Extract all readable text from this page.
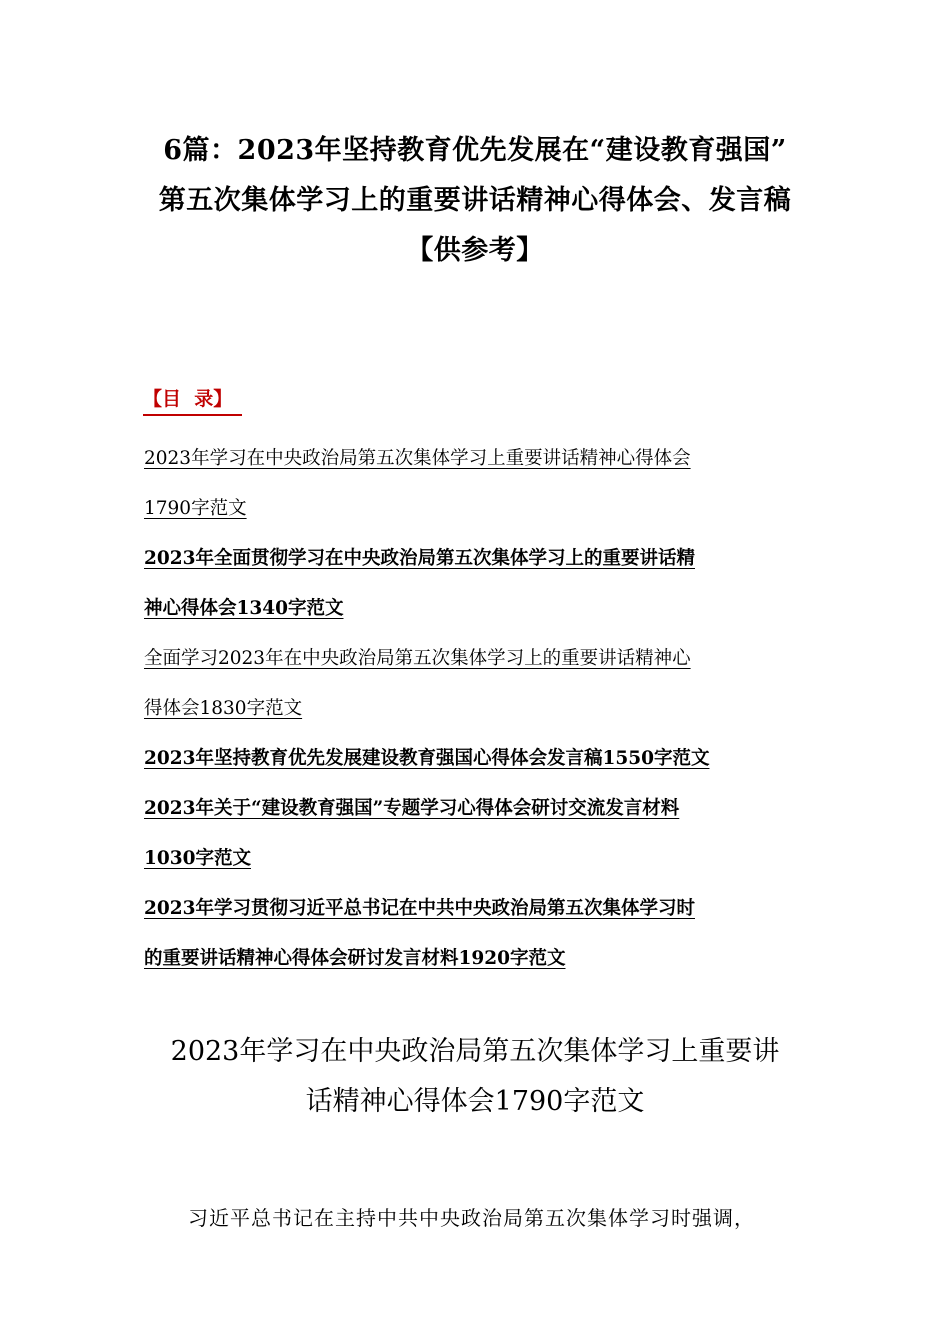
6篇：2023年坚持教育优先发展在“建设教育强国”
第五次集体学习上的重要讲话精神心得体会、发言稿
【供参考】
【目  录】
2023年学习在中央政治局第五次集体学习上重要讲话精神心得体会
1790字范文
2023年全面贯彻学习在中央政治局第五次集体学习上的重要讲话精
神心得体会1340字范文
全面学习2023年在中央政治局第五次集体学习上的重要讲话精神心
得体会1830字范文
2023年坚持教育优先发展建设教育强国心得体会发言稿1550字范文
2023年关于“建设教育强国”专题学习心得体会研讨交流发言材料
1030字范文
2023年学习贯彻习近平总书记在中共中央政治局第五次集体学习时
的重要讲话精神心得体会研讨发言材料1920字范文
2023年学习在中央政治局第五次集体学习上重要讲
话精神心得体会1790字范文

习近平总书记在主持中共中央政治局第五次集体学习时强调，
